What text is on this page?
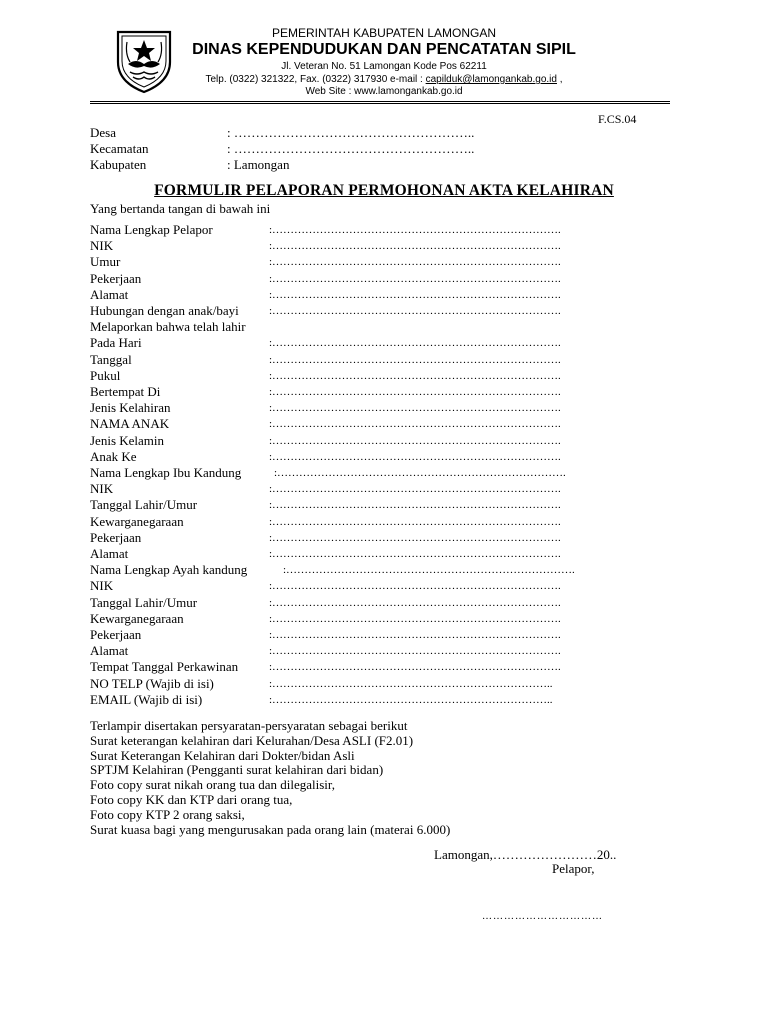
PEMERINTAH KABUPATEN LAMONGAN
DINAS KEPENDUDUKAN DAN PENCATATAN SIPIL
Jl. Veteran No. 51 Lamongan Kode Pos 62211
Telp. (0322) 321322, Fax. (0322) 317930 e-mail : capilduk@lamongankab.go.id ,
Web Site : www.lamongankab.go.id
F.CS.04
Desa	: ………………………………………………..
Kecamatan	: ………………………………………………..
Kabupaten	: Lamongan
FORMULIR PELAPORAN PERMOHONAN AKTA KELAHIRAN
Yang bertanda tangan di bawah ini
Nama Lengkap Pelapor	:…………………………………………………………………….
NIK	:…………………………………………………………………….
Umur	:…………………………………………………………………….
Pekerjaan	:…………………………………………………………………….
Alamat	:…………………………………………………………………….
Hubungan dengan anak/bayi	:…………………………………………………………………….
Melaporkan bahwa telah lahir
Pada Hari	:…………………………………………………………………….
Tanggal	:…………………………………………………………………….
Pukul	:…………………………………………………………………….
Bertempat Di	:…………………………………………………………………….
Jenis Kelahiran	:…………………………………………………………………….
NAMA ANAK	:…………………………………………………………………….
Jenis Kelamin	:…………………………………………………………………….
Anak Ke	:…………………………………………………………………….
Nama Lengkap Ibu Kandung	:…………………………………………………………………….
NIK	:…………………………………………………………………….
Tanggal Lahir/Umur	:…………………………………………………………………….
Kewarganegaraan	:…………………………………………………………………….
Pekerjaan	:…………………………………………………………………….
Alamat	:…………………………………………………………………….
Nama Lengkap Ayah kandung	:…………………………………………………………………….
NIK	:…………………………………………………………………….
Tanggal Lahir/Umur	:…………………………………………………………………….
Kewarganegaraan	:…………………………………………………………………….
Pekerjaan	:…………………………………………………………………….
Alamat	:…………………………………………………………………….
Tempat Tanggal Perkawinan	:…………………………………………………………………….
NO TELP (Wajib di isi)	:…………………………………………………………………..
EMAIL (Wajib di isi)	:…………………………………………………………………..
Terlampir disertakan persyaratan-persyaratan sebagai berikut
Surat keterangan kelahiran dari Kelurahan/Desa ASLI (F2.01)
Surat Keterangan Kelahiran dari Dokter/bidan Asli
SPTJM Kelahiran (Pengganti surat kelahiran dari bidan)
Foto copy surat nikah orang tua dan dilegalisir,
Foto copy KK dan KTP dari orang tua,
Foto copy KTP 2 orang saksi,
Surat kuasa bagi yang mengurusakan pada orang lain (materai 6.000)
Lamongan,……………………20..
Pelapor,
……………………………
